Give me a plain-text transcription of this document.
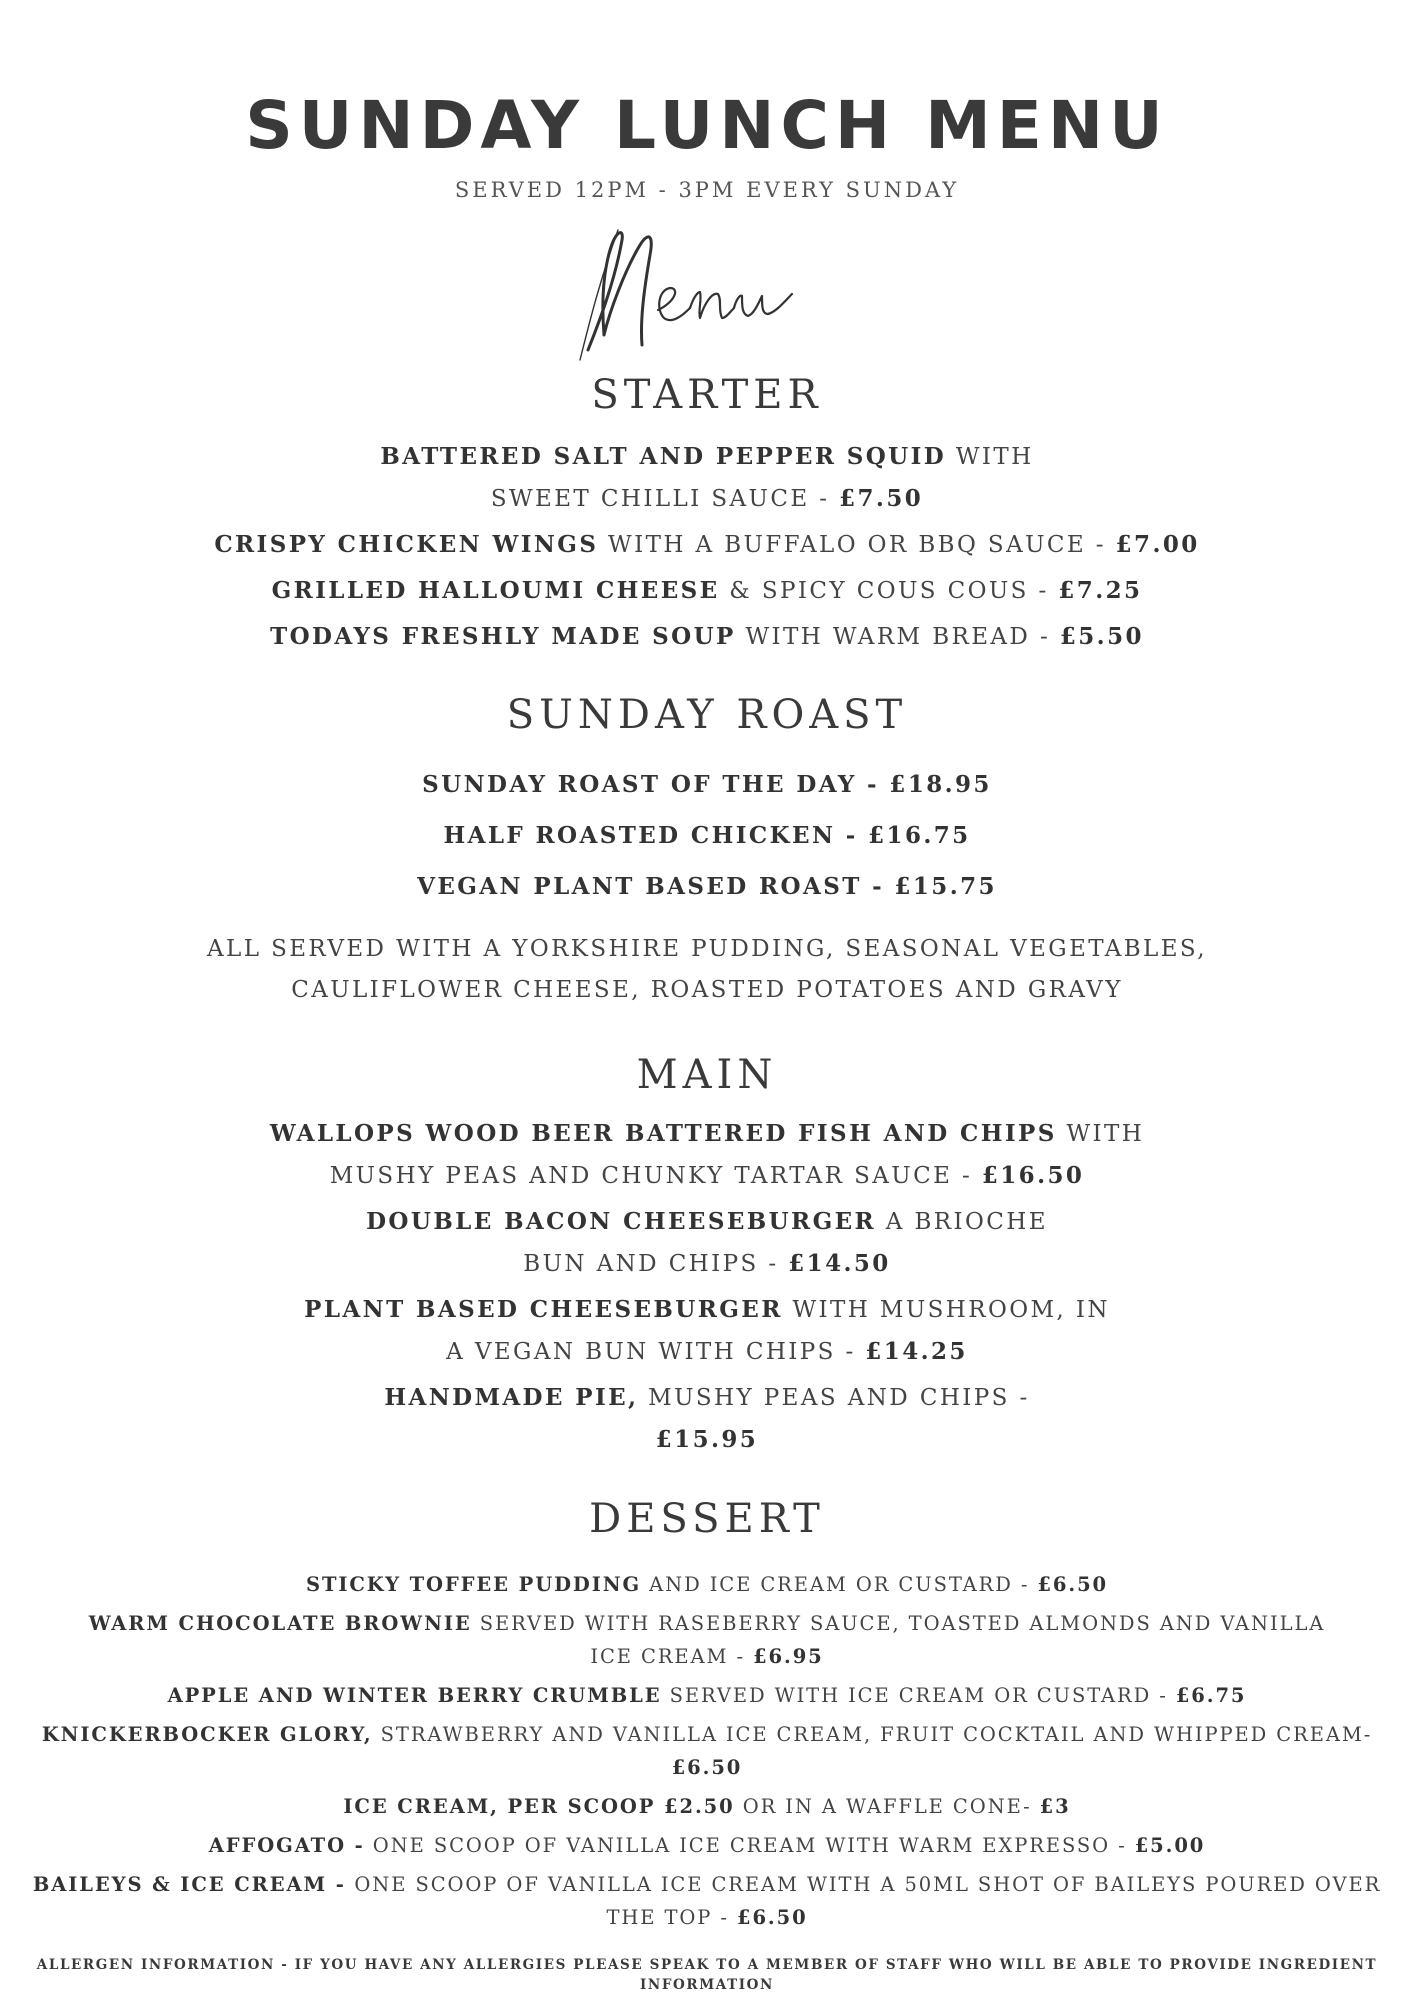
SUNDAY LUNCH MENU
SERVED 12PM - 3PM EVERY SUNDAY
STARTER
BATTERED SALT AND PEPPER SQUID WITH
SWEET CHILLI SAUCE - £7.50
CRISPY CHICKEN WINGS WITH A BUFFALO OR BBQ SAUCE - £7.00
GRILLED HALLOUMI CHEESE & SPICY COUS COUS - £7.25
TODAYS FRESHLY MADE SOUP WITH WARM BREAD - £5.50
SUNDAY ROAST
SUNDAY ROAST OF THE DAY - £18.95
HALF ROASTED CHICKEN - £16.75
VEGAN PLANT BASED ROAST - £15.75
ALL SERVED WITH A YORKSHIRE PUDDING, SEASONAL VEGETABLES,
CAULIFLOWER CHEESE, ROASTED POTATOES AND GRAVY
MAIN
WALLOPS WOOD BEER BATTERED FISH AND CHIPS WITH
MUSHY PEAS AND CHUNKY TARTAR SAUCE - £16.50
DOUBLE BACON CHEESEBURGER A BRIOCHE
BUN AND CHIPS - £14.50
PLANT BASED CHEESEBURGER WITH MUSHROOM, IN
A VEGAN BUN WITH CHIPS - £14.25
HANDMADE PIE, MUSHY PEAS AND CHIPS -
£15.95
DESSERT
STICKY TOFFEE PUDDING AND ICE CREAM OR CUSTARD - £6.50
WARM CHOCOLATE BROWNIE SERVED WITH RASEBERRY SAUCE, TOASTED ALMONDS AND VANILLA
ICE CREAM - £6.95
APPLE AND WINTER BERRY CRUMBLE SERVED WITH ICE CREAM OR CUSTARD - £6.75
KNICKERBOCKER GLORY, STRAWBERRY AND VANILLA ICE CREAM, FRUIT COCKTAIL AND WHIPPED CREAM-
£6.50
ICE CREAM, PER SCOOP £2.50 OR IN A WAFFLE CONE- £3
AFFOGATO - ONE SCOOP OF VANILLA ICE CREAM WITH WARM EXPRESSO - £5.00
BAILEYS & ICE CREAM - ONE SCOOP OF VANILLA ICE CREAM WITH A 50ML SHOT OF BAILEYS POURED OVER
THE TOP - £6.50
ALLERGEN INFORMATION - IF YOU HAVE ANY ALLERGIES PLEASE SPEAK TO A MEMBER OF STAFF WHO WILL BE ABLE TO PROVIDE INGREDIENT
INFORMATION
